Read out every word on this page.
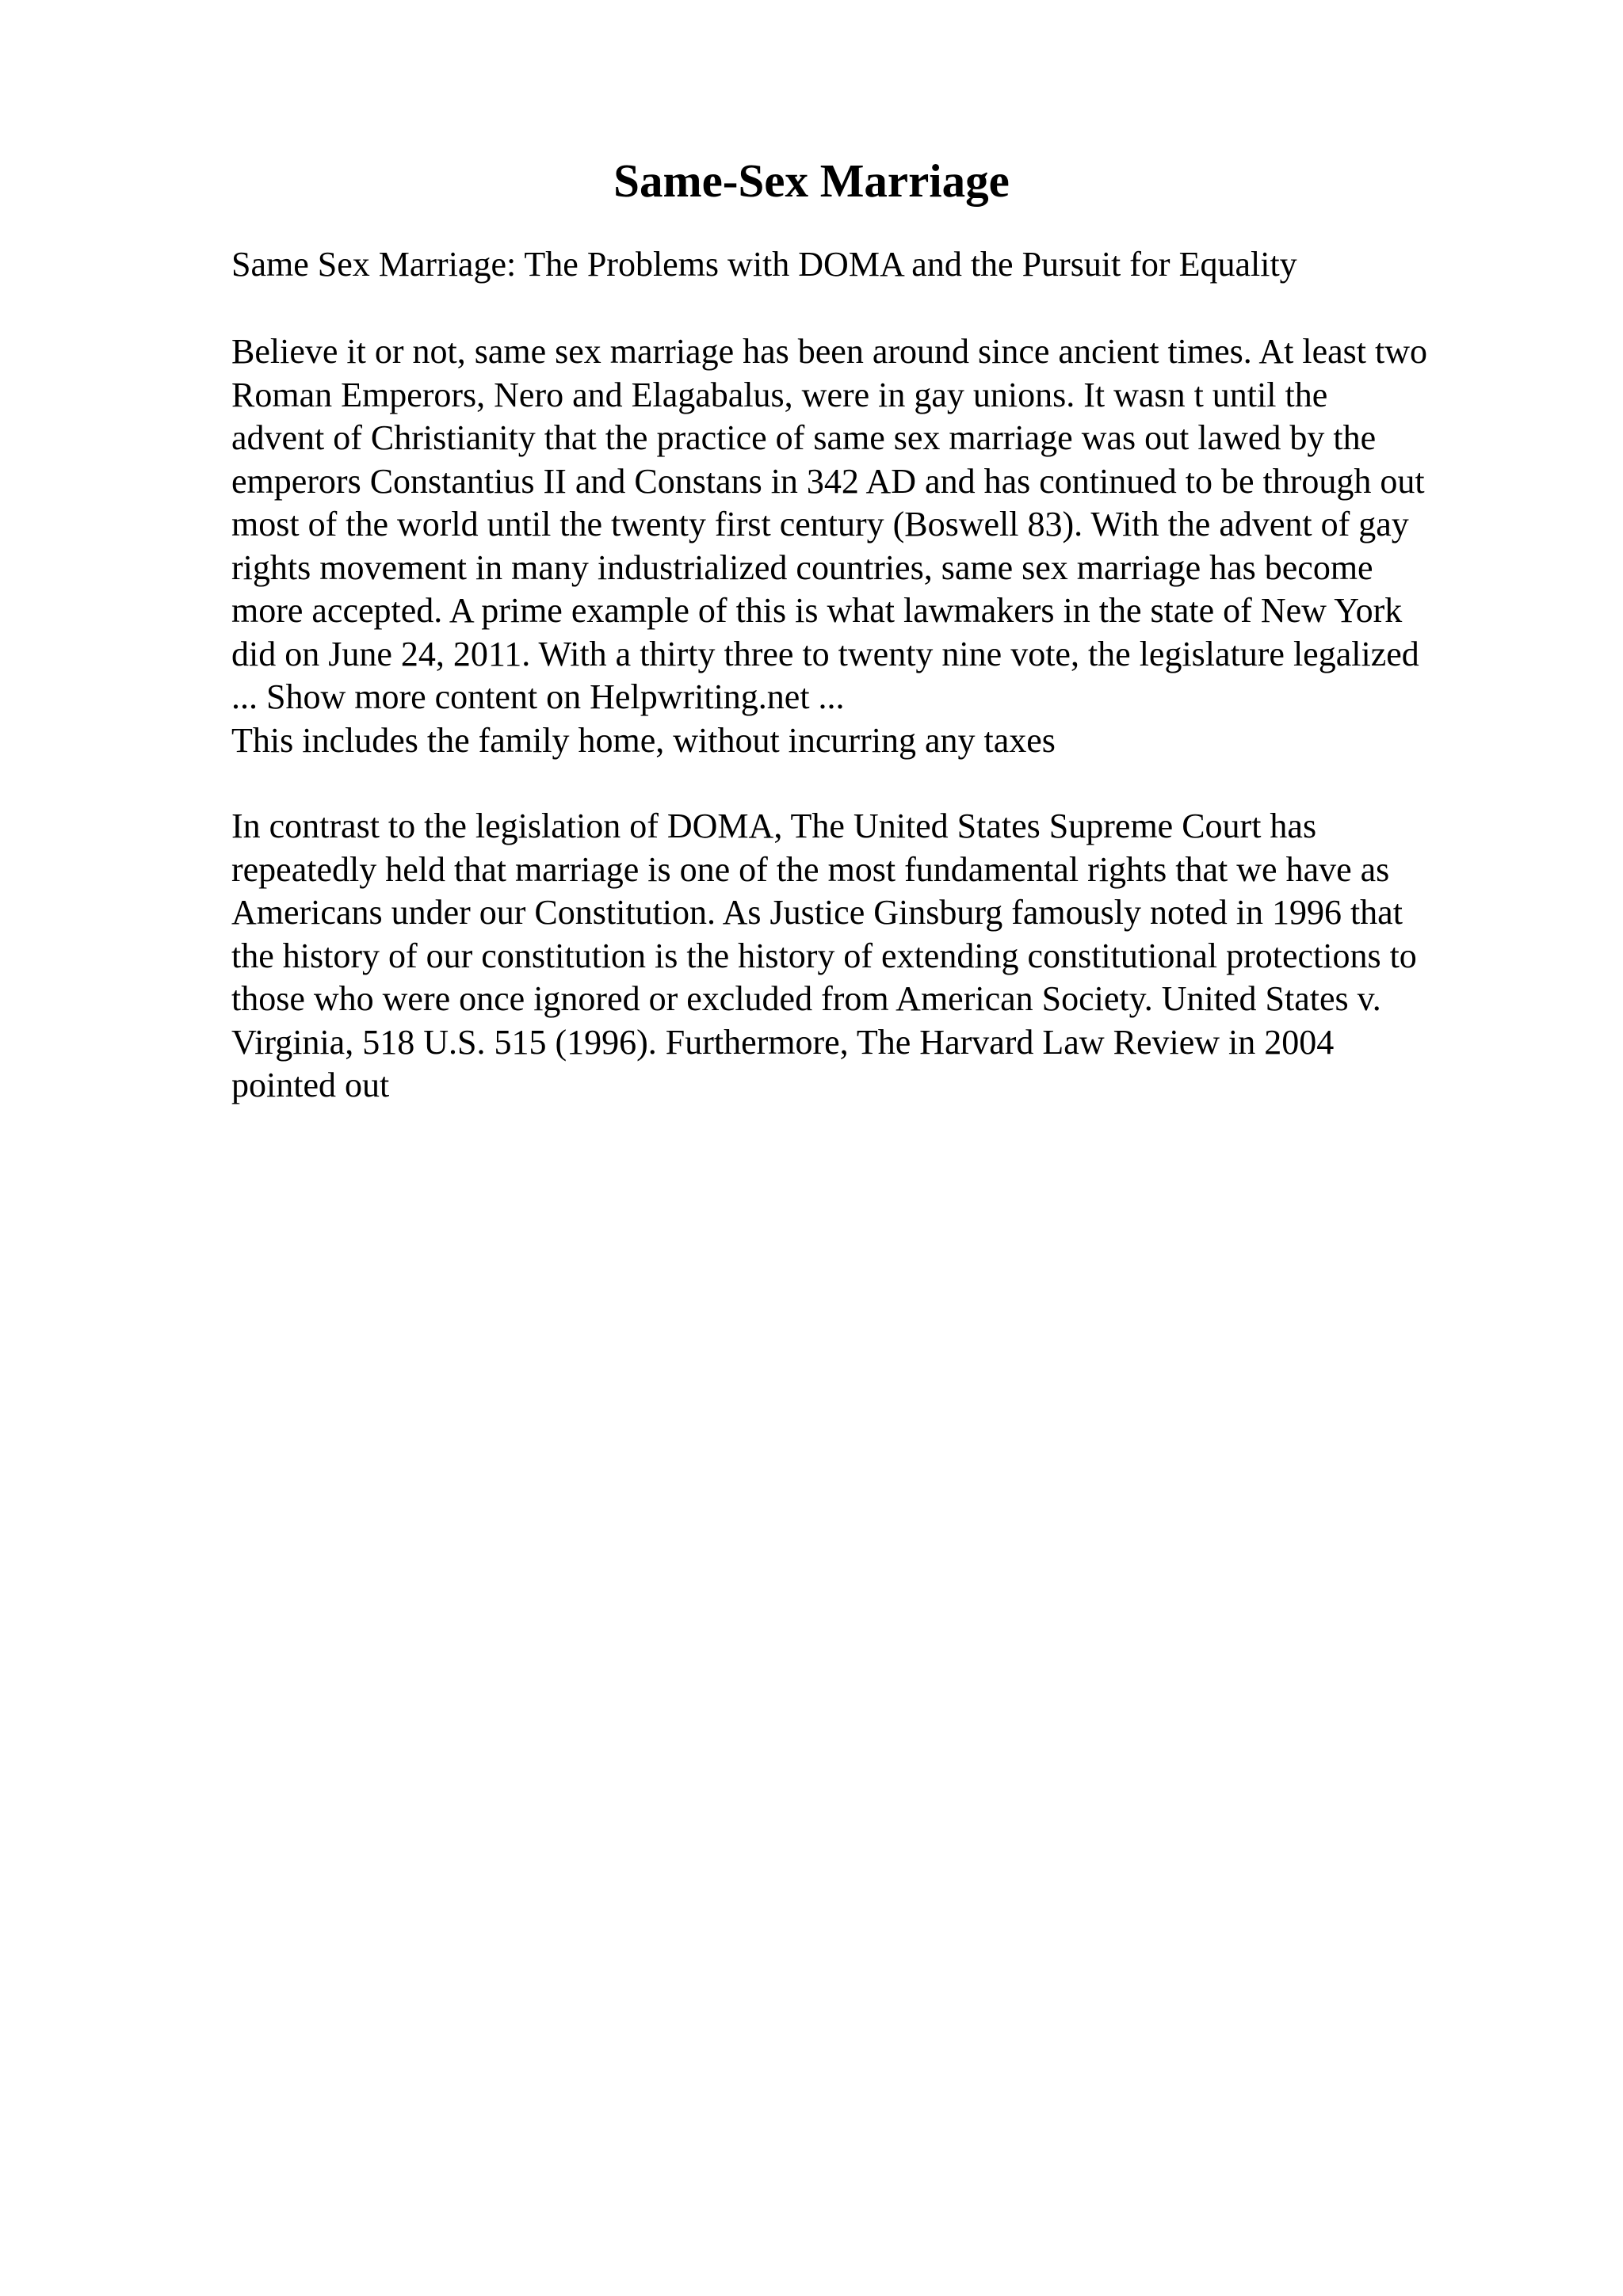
Same-Sex Marriage

Same Sex Marriage: The Problems with DOMA and the Pursuit for Equality

Believe it or not, same sex marriage has been around since ancient times. At least two
Roman Emperors, Nero and Elagabalus, were in gay unions. It wasn t until the
advent of Christianity that the practice of same sex marriage was out lawed by the
emperors Constantius II and Constans in 342 AD and has continued to be through out
most of the world until the twenty first century (Boswell 83). With the advent of gay
rights movement in many industrialized countries, same sex marriage has become
more accepted. A prime example of this is what lawmakers in the state of New York
did on June 24, 2011. With a thirty three to twenty nine vote, the legislature legalized
... Show more content on Helpwriting.net ...
This includes the family home, without incurring any taxes
In contrast to the legislation of DOMA, The United States Supreme Court has
repeatedly held that marriage is one of the most fundamental rights that we have as
Americans under our Constitution. As Justice Ginsburg famously noted in 1996 that
the history of our constitution is the history of extending constitutional protections to
those who were once ignored or excluded from American Society. United States v.
Virginia, 518 U.S. 515 (1996). Furthermore, The Harvard Law Review in 2004
pointed out
